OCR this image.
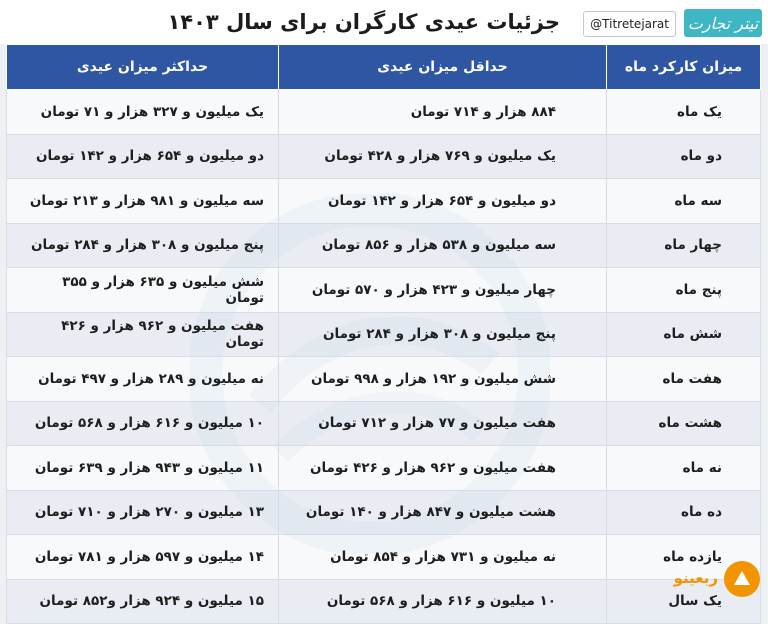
تیتر تجارت
@Titretejarat
جزئیات عیدی کارگران برای سال ۱۴۰۳
میزان کارکرد ماه	حداقل میزان عیدی	حداکثر میزان عیدی
یک ماه	۸۸۴ هزار و ۷۱۴ تومان	یک میلیون و ۳۲۷ هزار و ۷۱ تومان
دو ماه	یک میلیون و ۷۶۹ هزار و ۴۲۸ تومان	دو میلیون و ۶۵۴ هزار و ۱۴۲ تومان
سه ماه	دو میلیون و ۶۵۴ هزار و ۱۴۲ تومان	سه میلیون و ۹۸۱ هزار و ۲۱۳ تومان
چهار ماه	سه میلیون و ۵۳۸ هزار و ۸۵۶ تومان	پنج میلیون و ۳۰۸ هزار و ۲۸۴ تومان
پنج ماه	چهار میلیون و ۴۲۳ هزار و ۵۷۰ تومان	شش میلیون و ۶۳۵ هزار و ۳۵۵ تومان
شش ماه	پنج میلیون و ۳۰۸ هزار و ۲۸۴ تومان	هفت میلیون و ۹۶۲ هزار و ۴۲۶ تومان
هفت ماه	شش میلیون و ۱۹۲ هزار و ۹۹۸ تومان	نه میلیون و ۲۸۹ هزار و ۴۹۷ تومان
هشت ماه	هفت میلیون و ۷۷ هزار و ۷۱۲ تومان	۱۰ میلیون و ۶۱۶ هزار و ۵۶۸ تومان
نه ماه	هفت میلیون و ۹۶۲ هزار و ۴۲۶ تومان	۱۱ میلیون و ۹۴۳ هزار و ۶۳۹ تومان
ده ماه	هشت میلیون و ۸۴۷ هزار و ۱۴۰ تومان	۱۳ میلیون و ۲۷۰ هزار و ۷۱۰ تومان
یازده ماه	نه میلیون و ۷۳۱ هزار و ۸۵۴ تومان	۱۴ میلیون و ۵۹۷ هزار و ۷۸۱ تومان
یک سال	۱۰ میلیون و ۶۱۶ هزار و ۵۶۸ تومان	۱۵ میلیون و ۹۲۴ هزار و۸۵۲ تومان
ربعینو
